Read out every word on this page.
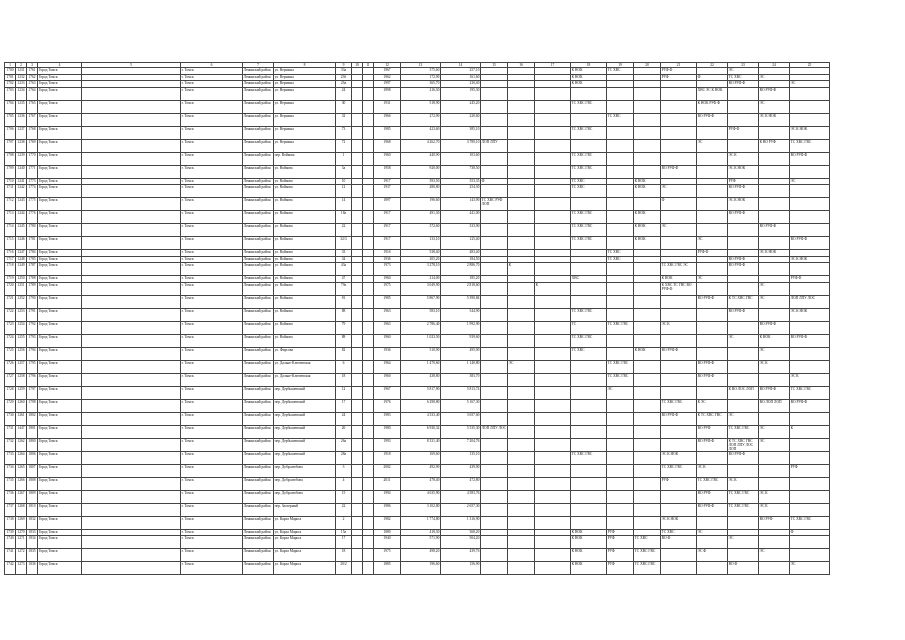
1	2	3	4	5	6	7	8	9	10	11	12	13	14	15	16	17	18	19	20	21	22	23	24	25
1700	1231	1761	Город Томск		г. Томск	Ленинский район	ул. Вершина	33а			1967	375,60	257,10				К НОК	ТС ХВС		РУФ Ф		ЭС		
1701	1232	1762	Город Томск		г. Томск	Ленинский район	ул. Вершина	23б			1962	172,90	161,60				К НОК			РУФ	Ф	ТС ХВС	ЭС	
1702	1233	1763	Город Томск		г. Томск	Ленинский район	ул. Вершина	23в			1997	365,70	230,40				К НОК					ВО РУФ Ф		ЭС
1703	1234	1764	Город Томск		г. Томск	Ленинский район	ул. Вершина	24			1898	216,30	195,30								ХВС ЭС К НОК		ВО РУФ Ф	
1704	1235	1765	Город Томск		г. Томск	Ленинский район	ул. Вершина	30			1931	518,90	245,20				ТС ХВС ГВС				К НОК РУФ Ф		ЭС	
1705	1236	1767	Город Томск		г. Томск	Ленинский район	ул. Вершина	32			1966	272,90	220,60					ТС ХВС			ВО РУФ Ф		ЭС К НОК	
1706	1237	1768	Город Томск		г. Томск	Ленинский район	ул. Вершина	73			1985	423,60	385,10				ТС ХВС ГВС					РУФ Ф		ЭС К НОК
1707	1238	1769	Город Томск		г. Томск	Ленинский район	ул. Вершина	72			1968	4 262,70	3 789,10	ЛОП ЛПУ							ЭС		К ВО РУФ	ТС ХВС ГВС
1708	1239	1770	Город Томск		г. Томск	Ленинский район	пер. Войкова	1			1960	440,90	103,60				ТС ХВС ГВС					ЭС К		ВО РУФ Ф
1709	1240	1771	Город Томск		г. Томск	Ленинский район	ул. Войкова	3а			1958	920,00	738,50				ТС ХВС ГВС			ВО РУФ Ф		ЭС К НОК		
1710	1241	1773	Город Томск		г. Томск	Ленинский район	ул. Войкова	10			1917	393,50	353,35	Ф			ТС ХВС		К НОК			РУФ		ЭС
1711	1242	1774	Город Томск		г. Томск	Ленинский район	ул. Войкова	12			1937	280,80	254,30				ТС ХВС		К НОК	ЭС		ВО РУФ Ф		
1712	1243	1775	Город Томск		г. Томск	Ленинский район	ул. Войкова	14			1897	196,60	143,90	ТС ХВС РУФ ЛОП						Ф		ЭС К НОК		
1713	1244	1776	Город Томск		г. Томск	Ленинский район	ул. Войкова	18а			1917	491,30	441,00				ТС ХВС ГВС		К НОК			ВО РУФ Ф		
1714	1245	1780	Город Томск		г. Томск	Ленинский район	ул. Войкова	22			1917	372,60	333,90				ТС ХВС ГВС		К НОК	ЭС			ВО РУФ Ф	
1715	1246	1781	Город Томск		г. Томск	Ленинский район	ул. Войкова	32/3			1917	133,10	125,40				ТС ХВС ГВС		К НОК		ЭС			ВО РУФ Ф
1716	1247	1784	Город Томск		г. Томск	Ленинский район	ул. Войкова	33			1916	538,40	483,40					ТС ХВС			РУФ Ф		ЭС К НОК	
1717	1248	1785	Город Томск		г. Томск	Ленинский район	ул. Войкова	34			1936	205,20	184,50					ТС ХВС				ВО РУФ Ф		ЭС К НОК
1718	1249	1787	Город Томск		г. Томск	Ленинский район	ул. Войкова	43а			1973	3 278,10	2 886,70		К					ТС ХВС ГВС ЭС		ВО РУФ Ф		
1719	1250	1788	Город Томск		г. Томск	Ленинский район	ул. Войкова	47			1960	214,00	185,20				ХВС			К НОК	ЭС			РУФ Ф
1720	1251	1789	Город Томск		г. Томск	Ленинский район	ул. Войкова	79а			1975	3 049,90	2 818,60			К				К ХВС ТС ГВС ВО РУФ Ф			ЭС	
1721	1252	1790	Город Томск		г. Томск	Ленинский район	ул. Войкова	81			1985	5 867,90	5 390,84								ВО РУФ Ф	К ТС ХВС ГВС	ЭС	ЛОП ЛПУ ЛОС
1722	1253	1791	Город Томск		г. Томск	Ленинский район	ул. Войкова	88			1963	583,10	544,90				ТС ХВС ГВС					ВО РУФ Ф		ЭС К НОК
1723	1254	1792	Город Томск		г. Томск	Ленинский район	ул. Войкова	79			1963	2 786,40	1 992,90				ТС	ТС ХВС ГВС		ЭС К			ВО РУФ Ф	
1724	1255	1793	Город Томск		г. Томск	Ленинский район	ул. Войкова	88			1960	1 023,50	939,60				ТС ХВС ГВС					ЭС	К НОК	ВО РУФ Ф
1725	1256	1794	Город Томск		г. Томск	Ленинский район	ул. Фирсова	82			1936	510,90	495,90				ТС ХВС		К НОК	ВО РУФ Ф			ЭС	
1726	1257	1795	Город Томск		г. Томск	Ленинский район	ул. Дальне-Ключевская	6			1964	1 470,60	1 140,80		ЭС			ТС ХВС ГВС			ВО РУФ Ф		ЭС К	
1727	1258	1796	Город Томск		г. Томск	Ленинский район	ул. Дальне-Ключевская	18			1960	438,80	383,70					ТС ХВС ГВС			ВО РУФ Ф			ЭС К
1728	1259	1797	Город Томск		г. Томск	Ленинский район	пер. Дербышевский	12			1967	5 817,90	5 813,74					ЭС				К ВО ЛОС ЛОП	ВО РУФ Ф	ТС ХВС ГВС
1729	1260	1798	Город Томск		г. Томск	Ленинский район	пер. Дербышевский	17			1976	6 298,80	5 167,30							ТС ХВС ГВС	К ЭС		ВО ЛОП ЛОП	ВО РУФ Ф
1730	1261	1802	Город Томск		г. Томск	Ленинский район	пер. Дербышевский	24			1983	4 333,40	3 657,60							ВО РУФ Ф	К ТС ХВС ГВС	ЭС		
1731	1447	1801	Город Томск		г. Томск	Ленинский район	пер. Дербышевский	26			1980	6 930,32	5 535,30	ЛОП ЛПУ ЛОС							ВО РУФ	ТС ХВС ГВС	ЭС	К
1732	1262	1800	Город Томск		г. Томск	Ленинский район	пер. Дербышевский	26а			1993	8 331,40	7 204,76								ВО РУФ Ф	К ТС ХВС ГВС ЛОП ЛПУ ЛОС ЛОП	ЭС	
1733	1264	1806	Город Томск		г. Томск	Ленинский район	пер. Дербышевский	28а			1918	169,60	135,10				ТС ХВС ГВС			ЭС К НОК		ВО РУФ Ф		
1734	1265	1807	Город Томск		г. Томск	Ленинский район	пер. Добролюбова	3			2002	492,90	439,90							ТС ХВС ГВС	ЭС К			РУФ
1735	1266	1808	Город Томск		г. Томск	Ленинский район	пер. Добролюбова	4			2011	478,40	472,80							РУФ	ТС ХВС ГВС	ЭС К		
1736	1267	1809	Город Томск		г. Томск	Ленинский район	пер. Добролюбова	15			1994	4 635,90	4 583,76								ВО РУФ	ТС ХВС ГВС	ЭС К	
1737	1268	1810	Город Томск		г. Томск	Ленинский район	пер. Заозерный	22			1986	3 102,80	2 657,30								ВО РУФ Ф	ТС ХВС ГВС	ЭС К	
1738	1269	1832	Город Томск		г. Томск	Ленинский район	ул. Карла Маркса	2			1982	1 774,80	1 316,90							ЭС К НОК			ВО РУФ	ТС ХВС ГВС
1739	1270	1833	Город Томск		г. Томск	Ленинский район	ул. Карла Маркса	15а			1880	418,30	368,20				К НОК	РУФ		ТС ХВС	ЭС			Ф
1740	1271	1834	Город Томск		г. Томск	Ленинский район	ул. Карла Маркса	17			1940	571,90	504,20				К НОК	РУФ	ТС ХВС	ВО Ф		ЭС		
1741	1272	1835	Город Томск		г. Томск	Ленинский район	ул. Карла Маркса	18			1975	498,20	439,76				К НОК	РУФ	ТС ХВС ГВС		ЭС Ф		ЭС	
1742	1273	1836	Город Томск		г. Томск	Ленинский район	ул. Карла Маркса	20/2			1885	196,60	156,90				К НОК	РУФ	ТС ХВС ГВС			ВО Ф		ЭС
